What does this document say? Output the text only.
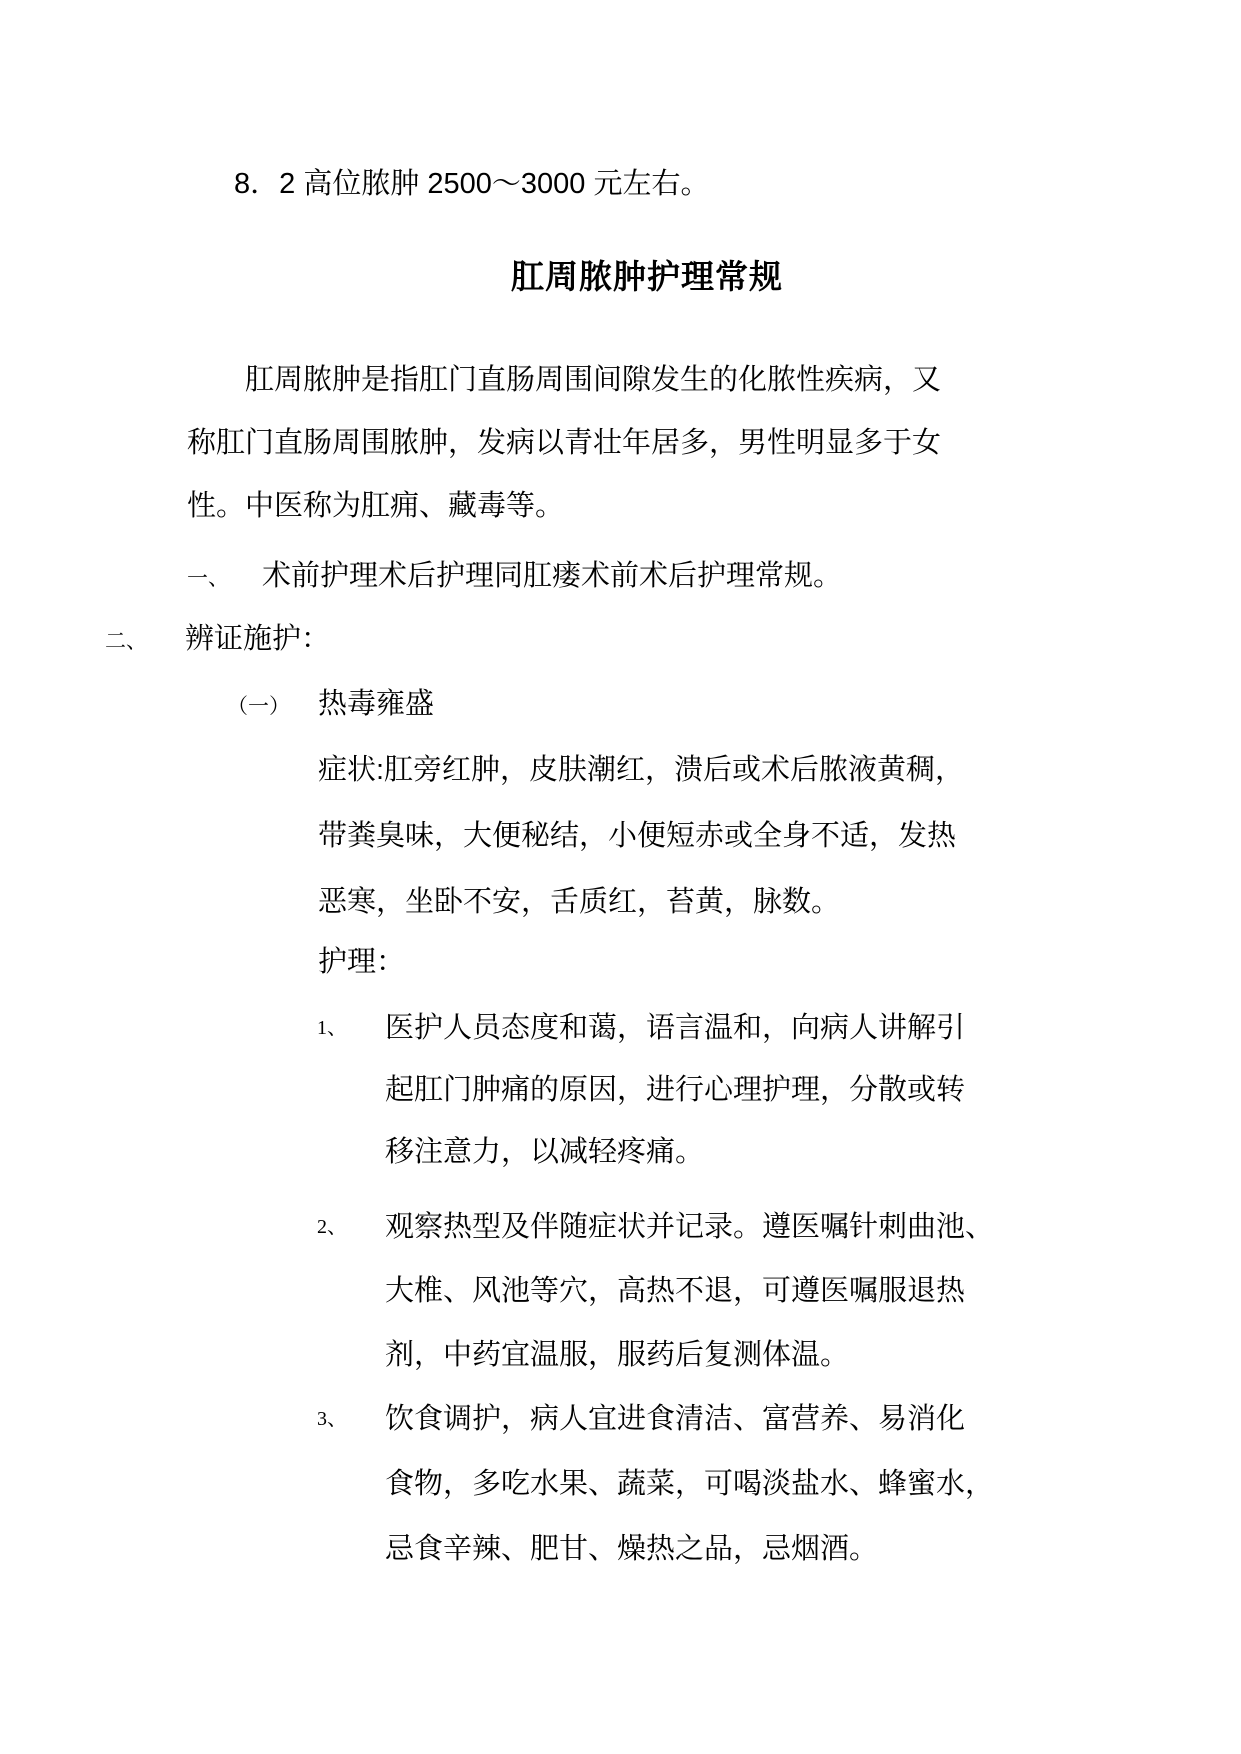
8．2 高位脓肿 2500～3000 元左右。
肛周脓肿护理常规
肛周脓肿是指肛门直肠周围间隙发生的化脓性疾病，又
称肛门直肠周围脓肿，发病以青壮年居多，男性明显多于女
性。中医称为肛痈、藏毒等。
一、 术前护理术后护理同肛瘘术前术后护理常规。
二、 辨证施护：
（一） 热毒雍盛
症状:肛旁红肿，皮肤潮红，溃后或术后脓液黄稠，
带粪臭味，大便秘结，小便短赤或全身不适，发热
恶寒，坐卧不安，舌质红，苔黄，脉数。
护理：
1、 医护人员态度和蔼，语言温和，向病人讲解引
起肛门肿痛的原因，进行心理护理，分散或转
移注意力，以减轻疼痛。
2、 观察热型及伴随症状并记录。遵医嘱针刺曲池、
大椎、风池等穴，高热不退，可遵医嘱服退热
剂，中药宜温服，服药后复测体温。
3、 饮食调护，病人宜进食清洁、富营养、易消化
食物，多吃水果、蔬菜，可喝淡盐水、蜂蜜水，
忌食辛辣、肥甘、燥热之品，忌烟酒。
